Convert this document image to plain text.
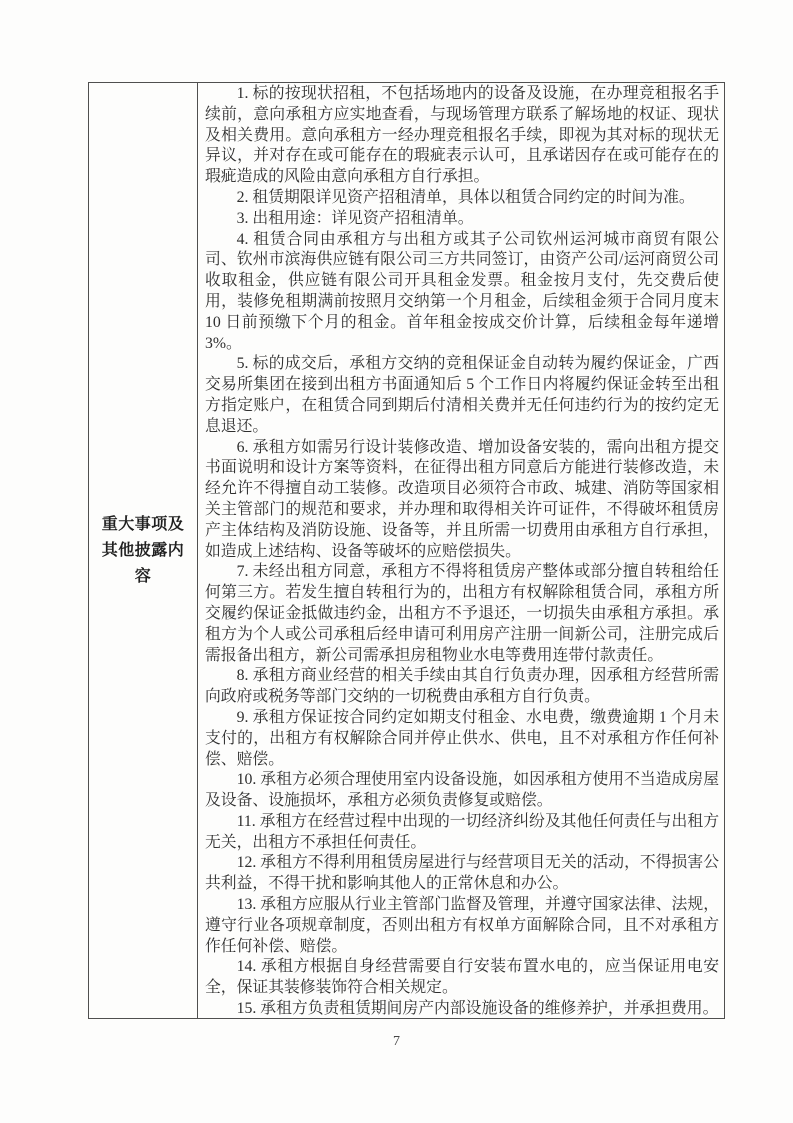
重大事项及其他披露内容

1. 标的按现状招租，不包括场地内的设备及设施，在办理竞租报名手续前，意向承租方应实地查看，与现场管理方联系了解场地的权证、现状及相关费用。意向承租方一经办理竞租报名手续，即视为其对标的现状无异议，并对存在或可能存在的瑕疵表示认可，且承诺因存在或可能存在的瑕疵造成的风险由意向承租方自行承担。

2. 租赁期限详见资产招租清单，具体以租赁合同约定的时间为准。

3. 出租用途：详见资产招租清单。

4. 租赁合同由承租方与出租方或其子公司钦州运河城市商贸有限公司、钦州市滨海供应链有限公司三方共同签订，由资产公司/运河商贸公司收取租金，供应链有限公司开具租金发票。租金按月支付，先交费后使用，装修免租期满前按照月交纳第一个月租金，后续租金须于合同月度末 10 日前预缴下个月的租金。首年租金按成交价计算，后续租金每年递增 3%。

5. 标的成交后，承租方交纳的竞租保证金自动转为履约保证金，广西交易所集团在接到出租方书面通知后 5 个工作日内将履约保证金转至出租方指定账户，在租赁合同到期后付清相关费并无任何违约行为的按约定无息退还。

6. 承租方如需另行设计装修改造、增加设备安装的，需向出租方提交书面说明和设计方案等资料，在征得出租方同意后方能进行装修改造，未经允许不得擅自动工装修。改造项目必须符合市政、城建、消防等国家相关主管部门的规范和要求，并办理和取得相关许可证件，不得破坏租赁房产主体结构及消防设施、设备等，并且所需一切费用由承租方自行承担，如造成上述结构、设备等破坏的应赔偿损失。

7. 未经出租方同意，承租方不得将租赁房产整体或部分擅自转租给任何第三方。若发生擅自转租行为的，出租方有权解除租赁合同，承租方所交履约保证金抵做违约金，出租方不予退还，一切损失由承租方承担。承租方为个人或公司承租后经申请可利用房产注册一间新公司，注册完成后需报备出租方，新公司需承担房租物业水电等费用连带付款责任。

8. 承租方商业经营的相关手续由其自行负责办理，因承租方经营所需向政府或税务等部门交纳的一切税费由承租方自行负责。

9. 承租方保证按合同约定如期支付租金、水电费，缴费逾期 1 个月未支付的，出租方有权解除合同并停止供水、供电，且不对承租方作任何补偿、赔偿。

10. 承租方必须合理使用室内设备设施，如因承租方使用不当造成房屋及设备、设施损坏，承租方必须负责修复或赔偿。

11. 承租方在经营过程中出现的一切经济纠纷及其他任何责任与出租方无关，出租方不承担任何责任。

12. 承租方不得利用租赁房屋进行与经营项目无关的活动，不得损害公共利益，不得干扰和影响其他人的正常休息和办公。

13. 承租方应服从行业主管部门监督及管理，并遵守国家法律、法规，遵守行业各项规章制度，否则出租方有权单方面解除合同，且不对承租方作任何补偿、赔偿。

14. 承租方根据自身经营需要自行安装布置水电的，应当保证用电安全，保证其装修装饰符合相关规定。

15. 承租方负责租赁期间房产内部设施设备的维修养护，并承担费用。

7
